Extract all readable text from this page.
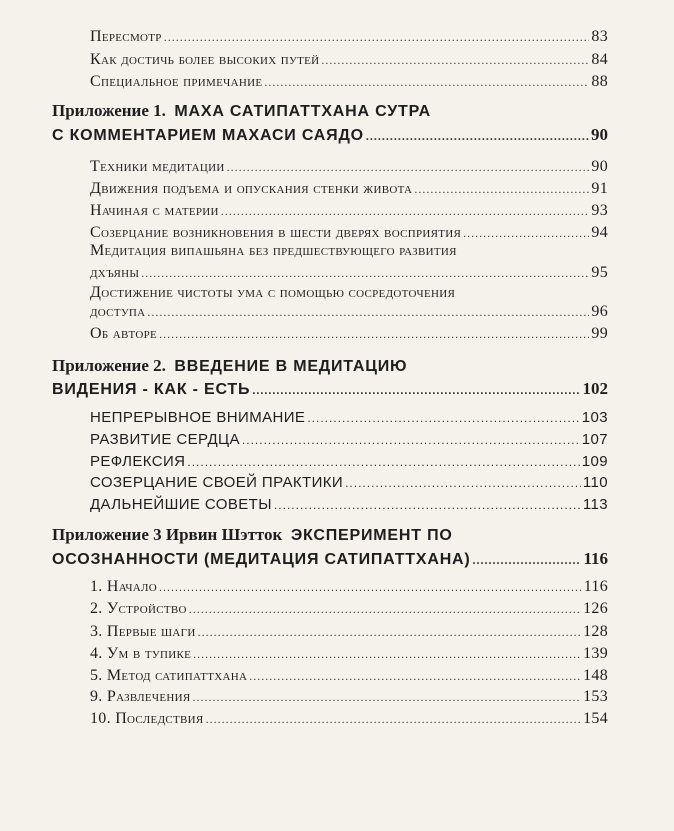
Пересмотр .....	83
Как достичь более высоких путей .....	84
Специальное примечание .....	88
Приложение 1. МАХА САТИПАТТХАНА СУТРА
С КОММЕНТАРИЕМ МАХАСИ САЯДО .....	90
Техники медитации .....	90
Движения подъема и опускания стенки живота .....	91
Начиная с материи .....	93
Созерцание возникновения в шести дверях восприятия .....	94
Медитация випашьяна без предшествующего развития
дхъяны .....	95
Достижение чистоты ума с помощью сосредоточения
доступа .....	96
Об авторе .....	99
Приложение 2. ВВЕДЕНИЕ В МЕДИТАЦИЮ
ВИДЕНИЯ - КАК - ЕСТЬ .....	102
НЕПРЕРЫВНОЕ ВНИМАНИЕ .....	103
РАЗВИТИЕ СЕРДЦА .....	107
РЕФЛЕКСИЯ .....	109
СОЗЕРЦАНИЕ СВОЕЙ ПРАКТИКИ .....	110
ДАЛЬНЕЙШИЕ СОВЕТЫ .....	113
Приложение 3 Ирвин Шэтток ЭКСПЕРИМЕНТ ПО
ОСОЗНАННОСТИ (МЕДИТАЦИЯ САТИПАТТХАНА) .....	116
1. Начало .....	116
2. Устройство .....	126
3. Первые шаги .....	128
4. Ум в тупике .....	139
5. Метод сатипаттхана .....	148
9. Развлечения .....	153
10. Последствия .....	154
